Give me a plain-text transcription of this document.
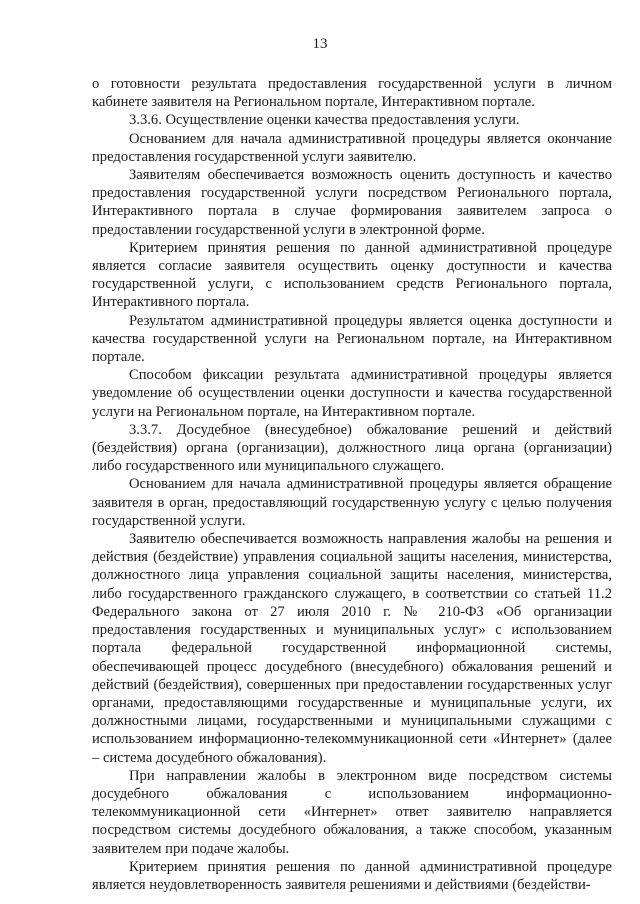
13

о готовности результата предоставления государственной услуги в личном кабинете заявителя на Региональном портале, Интерактивном портале.

3.3.6. Осуществление оценки качества предоставления услуги.

Основанием для начала административной процедуры является окончание предоставления государственной услуги заявителю.

Заявителям обеспечивается возможность оценить доступность и качество предоставления государственной услуги посредством Регионального портала, Интерактивного портала в случае формирования заявителем запроса о предоставлении государственной услуги в электронной форме.

Критерием принятия решения по данной административной процедуре является согласие заявителя осуществить оценку доступности и качества государственной услуги, с использованием средств Регионального портала, Интерактивного портала.

Результатом административной процедуры является оценка доступности и качества государственной услуги на Региональном портале, на Интерактивном портале.

Способом фиксации результата административной процедуры является уведомление об осуществлении оценки доступности и качества государственной услуги на Региональном портале, на Интерактивном портале.

3.3.7. Досудебное (внесудебное) обжалование решений и действий (бездействия) органа (организации), должностного лица органа (организации) либо государственного или муниципального служащего.

Основанием для начала административной процедуры является обращение заявителя в орган, предоставляющий государственную услугу с целью получения государственной услуги.

Заявителю обеспечивается возможность направления жалобы на решения и действия (бездействие) управления социальной защиты населения, министерства, должностного лица управления социальной защиты населения, министерства, либо государственного гражданского служащего, в соответствии со статьей 11.2 Федерального закона от 27 июля 2010 г. № 210-ФЗ «Об организации предоставления государственных и муниципальных услуг» с использованием портала федеральной государственной информационной системы, обеспечивающей процесс досудебного (внесудебного) обжалования решений и действий (бездействия), совершенных при предоставлении государственных услуг органами, предоставляющими государственные и муниципальные услуги, их должностными лицами, государственными и муниципальными служащими с использованием информационно-телекоммуникационной сети «Интернет» (далее – система досудебного обжалования).

При направлении жалобы в электронном виде посредством системы досудебного обжалования с использованием информационно-телекоммуникационной сети «Интернет» ответ заявителю направляется посредством системы досудебного обжалования, а также способом, указанным заявителем при подаче жалобы.

Критерием принятия решения по данной административной процедуре является неудовлетворенность заявителя решениями и действиями (бездействи-
